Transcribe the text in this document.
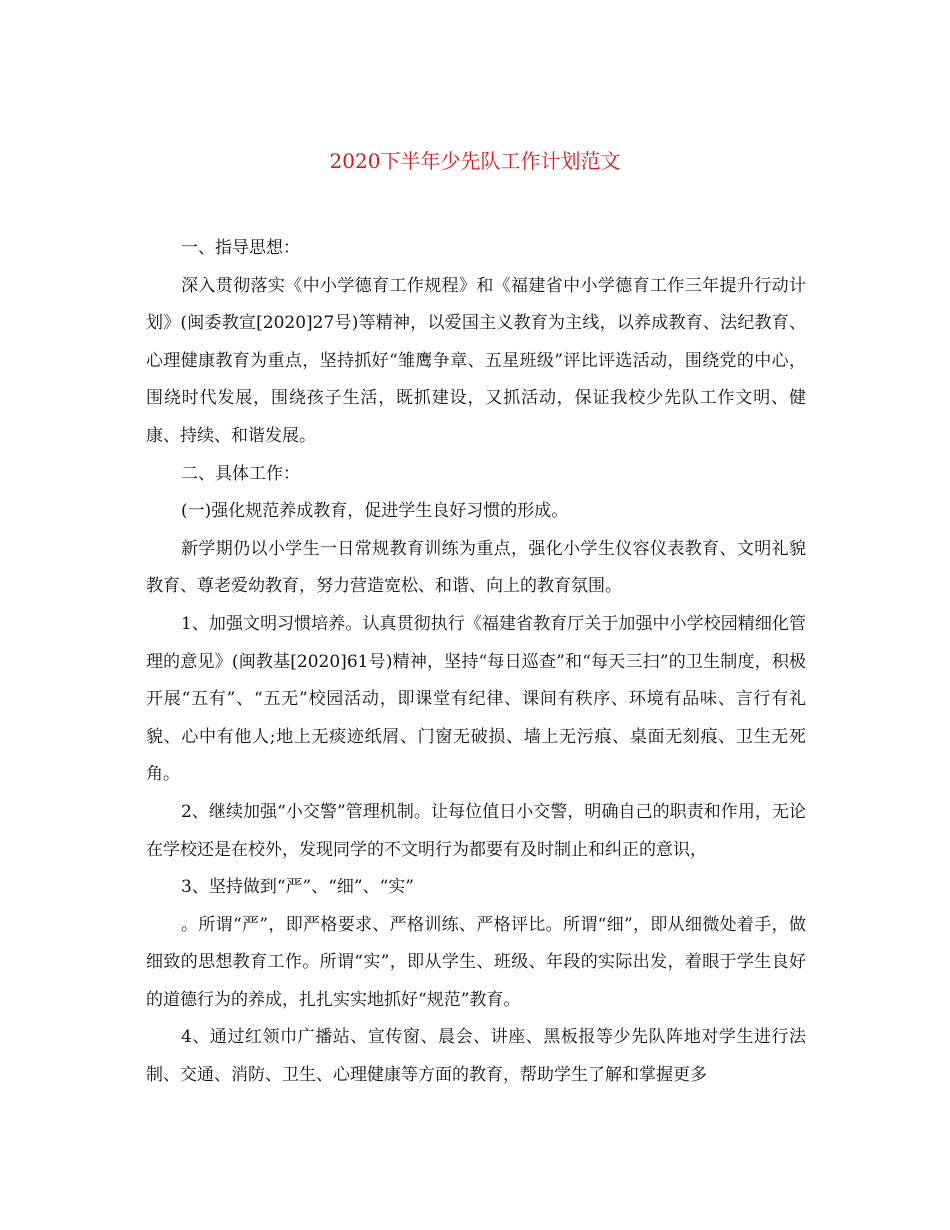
2020下半年少先队工作计划范文

一、指导思想：

深入贯彻落实《中小学德育工作规程》和《福建省中小学德育工作三年提升行动计划》(闽委教宣[2020]27号)等精神，以爱国主义教育为主线，以养成教育、法纪教育、心理健康教育为重点，坚持抓好“雏鹰争章、五星班级”评比评选活动，围绕党的中心，围绕时代发展，围绕孩子生活，既抓建设，又抓活动，保证我校少先队工作文明、健康、持续、和谐发展。

二、具体工作：

(一)强化规范养成教育，促进学生良好习惯的形成。

新学期仍以小学生一日常规教育训练为重点，强化小学生仪容仪表教育、文明礼貌教育、尊老爱幼教育，努力营造宽松、和谐、向上的教育氛围。

1、加强文明习惯培养。认真贯彻执行《福建省教育厅关于加强中小学校园精细化管理的意见》(闽教基[2020]61号)精神，坚持“每日巡查”和“每天三扫”的卫生制度，积极开展“五有”、“五无”校园活动，即课堂有纪律、课间有秩序、环境有品味、言行有礼貌、心中有他人;地上无痰迹纸屑、门窗无破损、墙上无污痕、桌面无刻痕、卫生无死角。

2、继续加强“小交警”管理机制。让每位值日小交警，明确自己的职责和作用，无论在学校还是在校外，发现同学的不文明行为都要有及时制止和纠正的意识，

3、坚持做到“严”、“细”、“实”

。所谓“严”，即严格要求、严格训练、严格评比。所谓“细”，即从细微处着手，做细致的思想教育工作。所谓“实”，即从学生、班级、年段的实际出发，着眼于学生良好的道德行为的养成，扎扎实实地抓好“规范”教育。

4、通过红领巾广播站、宣传窗、晨会、讲座、黑板报等少先队阵地对学生进行法制、交通、消防、卫生、心理健康等方面的教育，帮助学生了解和掌握更多
